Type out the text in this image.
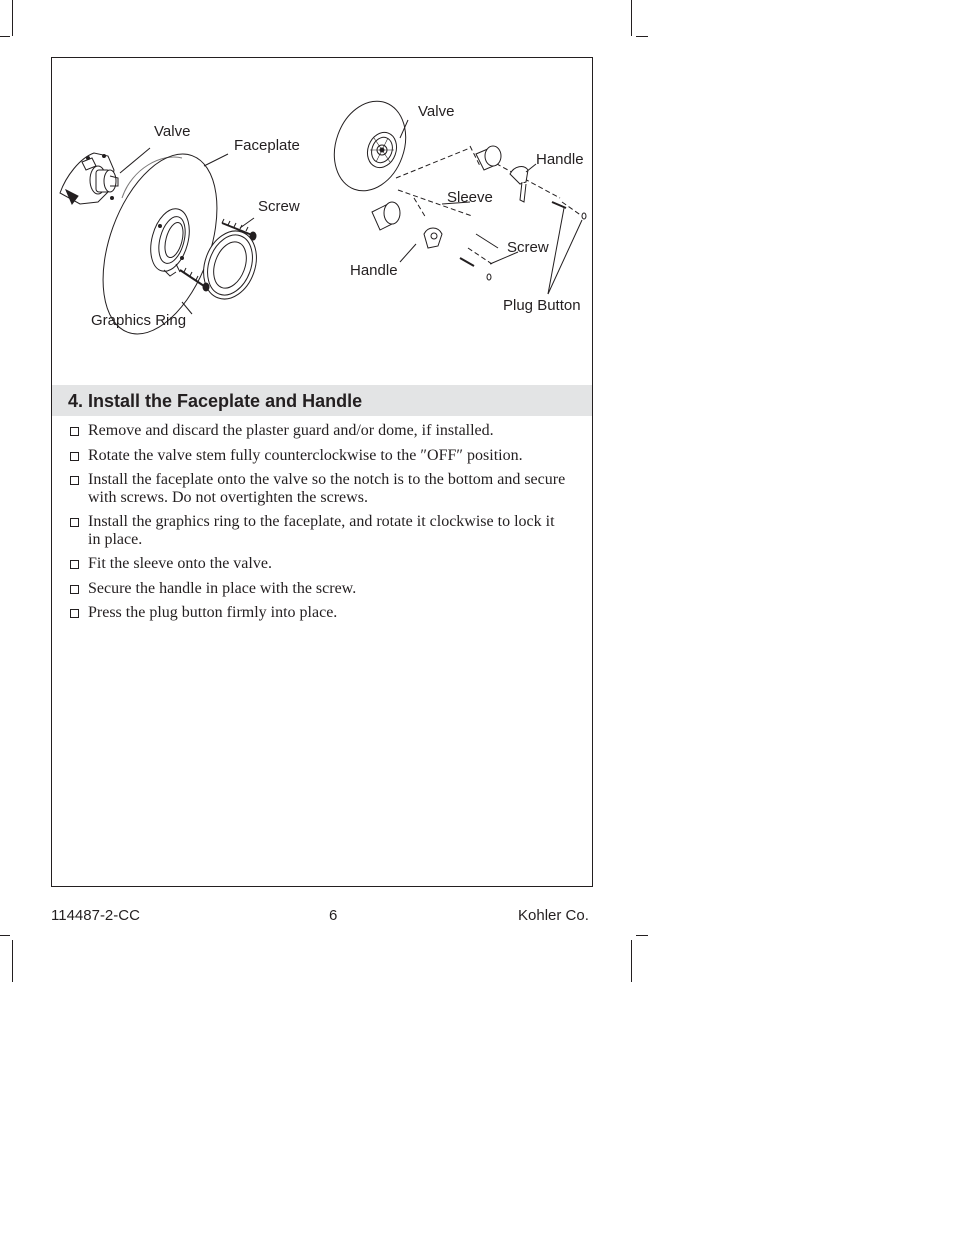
Valve
Faceplate
Screw
Graphics Ring
Valve
Handle
Sleeve
Screw
Handle
Plug Button
4. Install the Faceplate and Handle
Remove and discard the plaster guard and/or dome, if installed.
Rotate the valve stem fully counterclockwise to the ″OFF″ position.
Install the faceplate onto the valve so the notch is to the bottom and secure with screws. Do not overtighten the screws.
Install the graphics ring to the faceplate, and rotate it clockwise to lock it in place.
Fit the sleeve onto the valve.
Secure the handle in place with the screw.
Press the plug button firmly into place.
114487-2-CC	6	Kohler Co.
